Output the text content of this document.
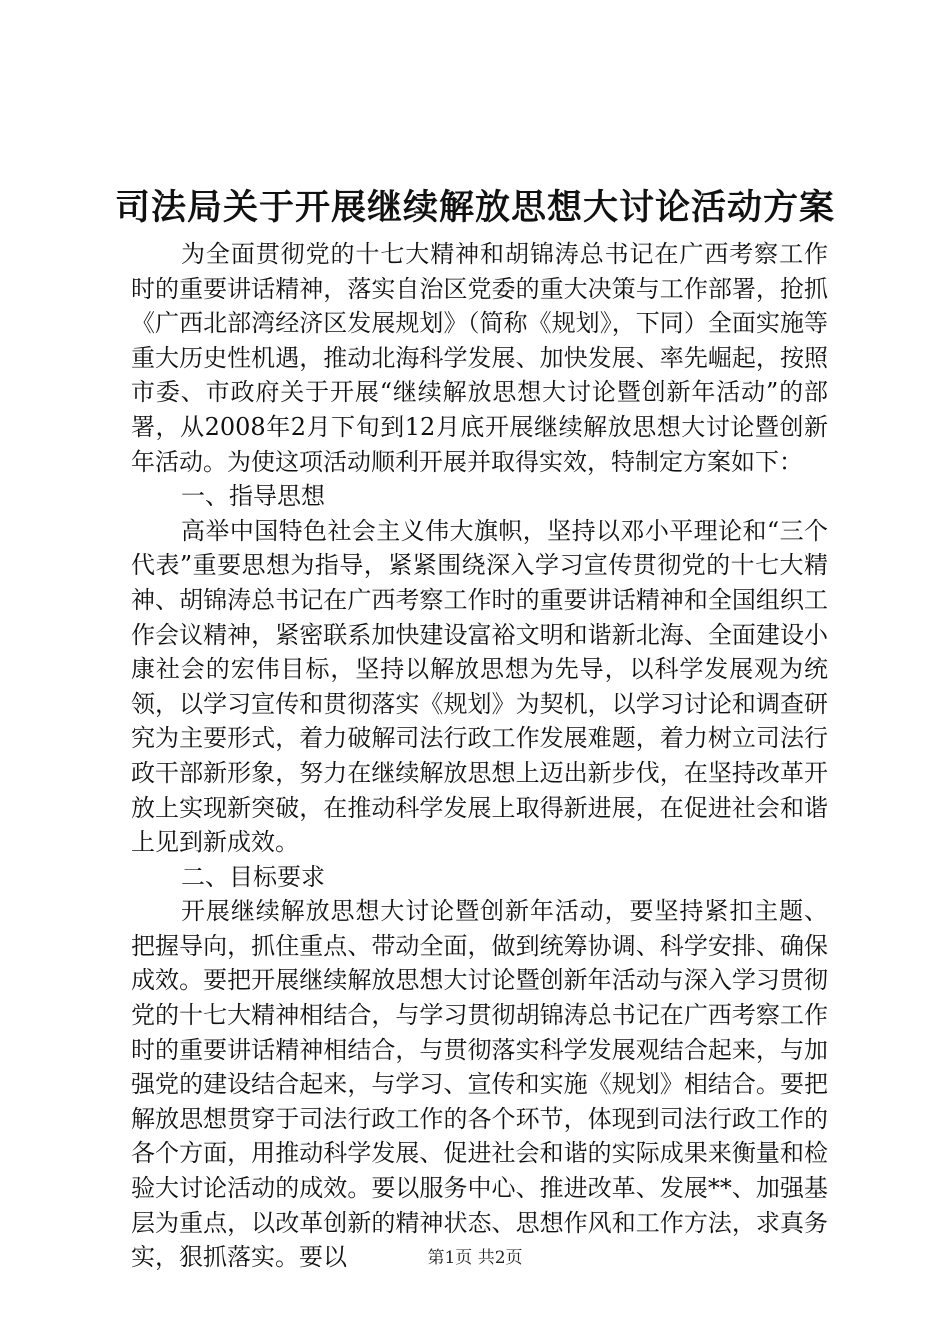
司法局关于开展继续解放思想大讨论活动方案

为全面贯彻党的十七大精神和胡锦涛总书记在广西考察工作时的重要讲话精神，落实自治区党委的重大决策与工作部署，抢抓《广西北部湾经济区发展规划》（简称《规划》，下同）全面实施等重大历史性机遇，推动北海科学发展、加快发展、率先崛起，按照市委、市政府关于开展“继续解放思想大讨论暨创新年活动”的部署，从2008年2月下旬到12月底开展继续解放思想大讨论暨创新年活动。为使这项活动顺利开展并取得实效，特制定方案如下：

一、指导思想

高举中国特色社会主义伟大旗帜，坚持以邓小平理论和“三个代表”重要思想为指导，紧紧围绕深入学习宣传贯彻党的十七大精神、胡锦涛总书记在广西考察工作时的重要讲话精神和全国组织工作会议精神，紧密联系加快建设富裕文明和谐新北海、全面建设小康社会的宏伟目标，坚持以解放思想为先导，以科学发展观为统领，以学习宣传和贯彻落实《规划》为契机，以学习讨论和调查研究为主要形式，着力破解司法行政工作发展难题，着力树立司法行政干部新形象，努力在继续解放思想上迈出新步伐，在坚持改革开放上实现新突破，在推动科学发展上取得新进展，在促进社会和谐上见到新成效。

二、目标要求

开展继续解放思想大讨论暨创新年活动，要坚持紧扣主题、把握导向，抓住重点、带动全面，做到统筹协调、科学安排、确保成效。要把开展继续解放思想大讨论暨创新年活动与深入学习贯彻党的十七大精神相结合，与学习贯彻胡锦涛总书记在广西考察工作时的重要讲话精神相结合，与贯彻落实科学发展观结合起来，与加强党的建设结合起来，与学习、宣传和实施《规划》相结合。要把解放思想贯穿于司法行政工作的各个环节，体现到司法行政工作的各个方面，用推动科学发展、促进社会和谐的实际成果来衡量和检验大讨论活动的成效。要以服务中心、推进改革、发展**、加强基层为重点，以改革创新的精神状态、思想作风和工作方法，求真务实，狠抓落实。要以	第1页 共2页
